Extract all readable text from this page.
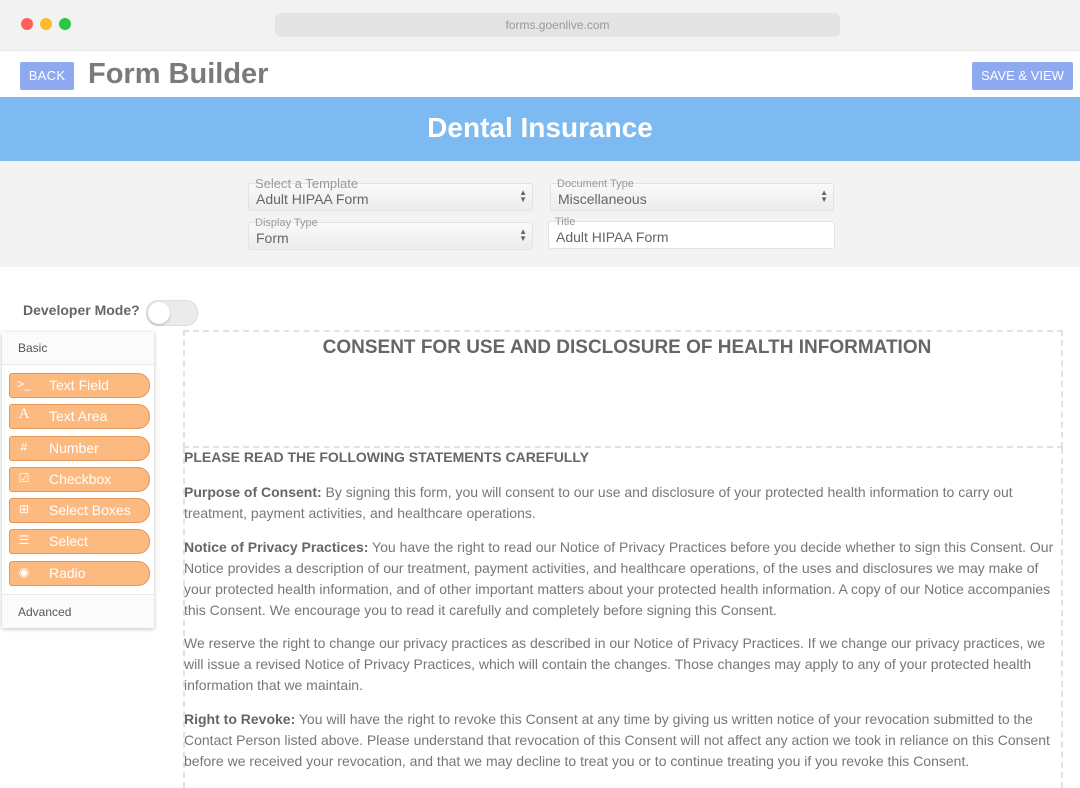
forms.goenlive.com
BACK Form Builder	SAVE & VIEW
Dental Insurance
Select a Template
Adult HIPAA Form	▲
▼
Document Type
Miscellaneous	▲
▼
Display Type
Form	▲
▼
Title
Adult HIPAA Form
Developer Mode?
Basic
>_ Text Field
A Text Area
#	Number
☑ Checkbox
⊞ Select Boxes
☰ Select
◉ Radio
Advanced
CONSENT FOR USE AND DISCLOSURE OF HEALTH INFORMATION
PLEASE READ THE FOLLOWING STATEMENTS CAREFULLY
Purpose of Consent: By signing this form, you will consent to our use and disclosure of your protected health information to carry out treatment, payment activities, and healthcare operations.
Notice of Privacy Practices: You have the right to read our Notice of Privacy Practices before you decide whether to sign this Consent. Our Notice provides a description of our treatment, payment activities, and healthcare operations, of the uses and disclosures we may make of your protected health information, and of other important matters about your protected health information. A copy of our Notice accompanies this Consent. We encourage you to read it carefully and completely before signing this Consent.
We reserve the right to change our privacy practices as described in our Notice of Privacy Practices. If we change our privacy practices, we will issue a revised Notice of Privacy Practices, which will contain the changes. Those changes may apply to any of your protected health information that we maintain.
Right to Revoke: You will have the right to revoke this Consent at any time by giving us written notice of your revocation submitted to the Contact Person listed above. Please understand that revocation of this Consent will not affect any action we took in reliance on this Consent before we received your revocation, and that we may decline to treat you or to continue treating you if you revoke this Consent.
